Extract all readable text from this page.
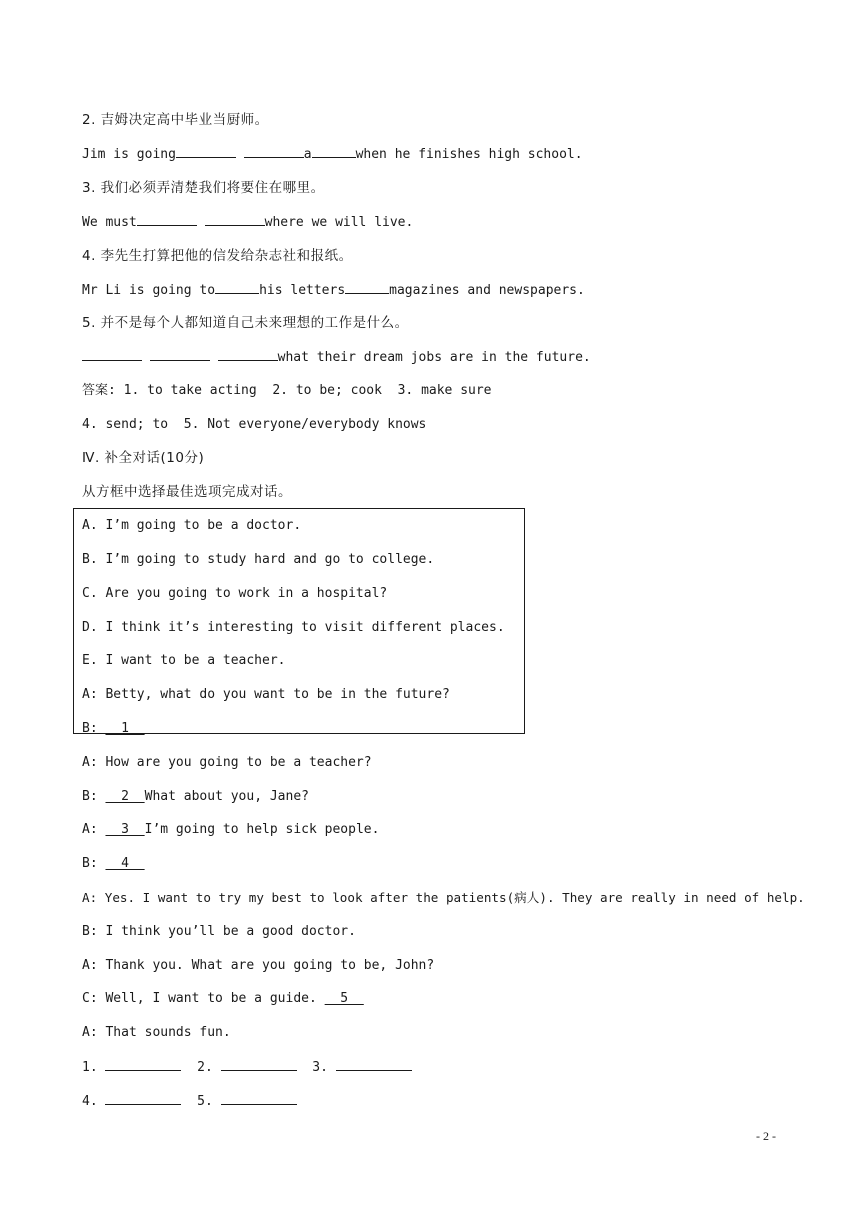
2. 吉姆决定高中毕业当厨师。
Jim is going	a	when he finishes high school.
3. 我们必须弄清楚我们将要住在哪里。
We must	where we will live.
4. 李先生打算把他的信发给杂志社和报纸。
Mr Li is going to	his letters	magazines and newspapers.
5. 并不是每个人都知道自己未来理想的工作是什么。
what their dream jobs are in the future.
答案: 1. to take acting  2. to be; cook  3. make sure
4. send; to  5. Not everyone/everybody knows
Ⅳ. 补全对话(10分)
从方框中选择最佳选项完成对话。
A. I’m going to be a doctor.
B. I’m going to study hard and go to college.
C. Are you going to work in a hospital?
D. I think it’s interesting to visit different places.
E. I want to be a teacher.
A: Betty, what do you want to be in the future?
B:   1
A: How are you going to be a teacher?
B:   2  What about you, Jane?
A:   3  I’m going to help sick people.
B:   4
A: Yes. I want to try my best to look after the patients(病人). They are really in need of help.
B: I think you’ll be a good doctor.
A: Thank you. What are you going to be, John?
C: Well, I want to be a guide.   5
A: That sounds fun.
1.	2.	3.
4.	5.
- 2 -
